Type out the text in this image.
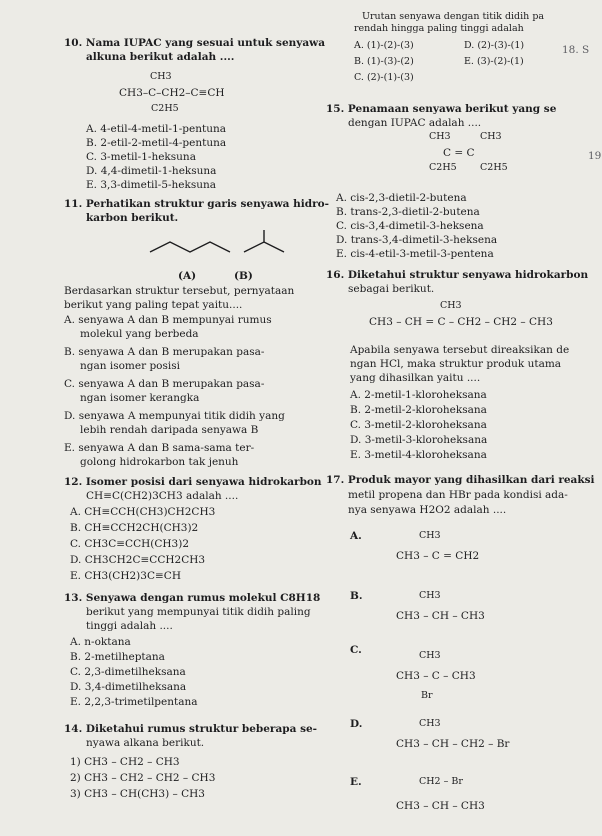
10. Nama IUPAC yang sesuai untuk senyawa
alkuna berikut adalah ....
CH3
CH3–C–CH2–C≡CH
C2H5
A. 4-etil-4-metil-1-pentuna
B. 2-etil-2-metil-4-pentuna
C. 3-metil-1-heksuna
D. 4,4-dimetil-1-heksuna
E. 3,3-dimetil-5-heksuna
11. Perhatikan struktur garis senyawa hidro-
karbon berikut.
(A)	(B)
Berdasarkan struktur tersebut, pernyataan
berikut yang paling tepat yaitu....
A. senyawa A dan B mempunyai rumus
molekul yang berbeda
B. senyawa A dan B merupakan pasa-
ngan isomer posisi
C. senyawa A dan B merupakan pasa-
ngan isomer kerangka
D. senyawa A mempunyai titik didih yang
lebih rendah daripada senyawa B
E. senyawa A dan B sama-sama ter-
golong hidrokarbon tak jenuh
12. Isomer posisi dari senyawa hidrokarbon
CH≡C(CH2)3CH3 adalah ....
A. CH≡CCH(CH3)CH2CH3
B. CH≡CCH2CH(CH3)2
C. CH3C≡CCH(CH3)2
D. CH3CH2C≡CCH2CH3
E. CH3(CH2)3C≡CH
13. Senyawa dengan rumus molekul C8H18
berikut yang mempunyai titik didih paling
tinggi adalah ....
A. n-oktana
B. 2-metilheptana
C. 2,3-dimetilheksana
D. 3,4-dimetilheksana
E. 2,2,3-trimetilpentana
14. Diketahui rumus struktur beberapa se-
nyawa alkana berikut.
1) CH3 – CH2 – CH3
2) CH3 – CH2 – CH2 – CH3
3) CH3 – CH(CH3) – CH3
Urutan senyawa dengan titik didih pa
rendah hingga paling tinggi adalah
A. (1)-(2)-(3)
B. (1)-(3)-(2)
C. (2)-(1)-(3)
D. (2)-(3)-(1)
E. (3)-(2)-(1)
18. S
19
15. Penamaan senyawa berikut yang se
dengan IUPAC adalah ....
CH3	CH3
C = C
C2H5 C2H5
A. cis-2,3-dietil-2-butena
B. trans-2,3-dietil-2-butena
C. cis-3,4-dimetil-3-heksena
D. trans-3,4-dimetil-3-heksena
E. cis-4-etil-3-metil-3-pentena
16. Diketahui struktur senyawa hidrokarbon
sebagai berikut.
CH3
CH3 – CH = C – CH2 – CH2 – CH3
Apabila senyawa tersebut direaksikan de
ngan HCl, maka struktur produk utama
yang dihasilkan yaitu ....
A. 2-metil-1-kloroheksana
B. 2-metil-2-kloroheksana
C. 3-metil-2-kloroheksana
D. 3-metil-3-kloroheksana
E. 3-metil-4-kloroheksana
17. Produk mayor yang dihasilkan dari reaksi
metil propena dan HBr pada kondisi ada-
nya senyawa H2O2 adalah ....
A.	CH3
CH3 – C = CH2
B.	CH3
CH3 – CH – CH3
C.	CH3
CH3 – C – CH3
Br
D.	CH3
CH3 – CH – CH2 – Br
E.	CH2 – Br
CH3 – CH – CH3
